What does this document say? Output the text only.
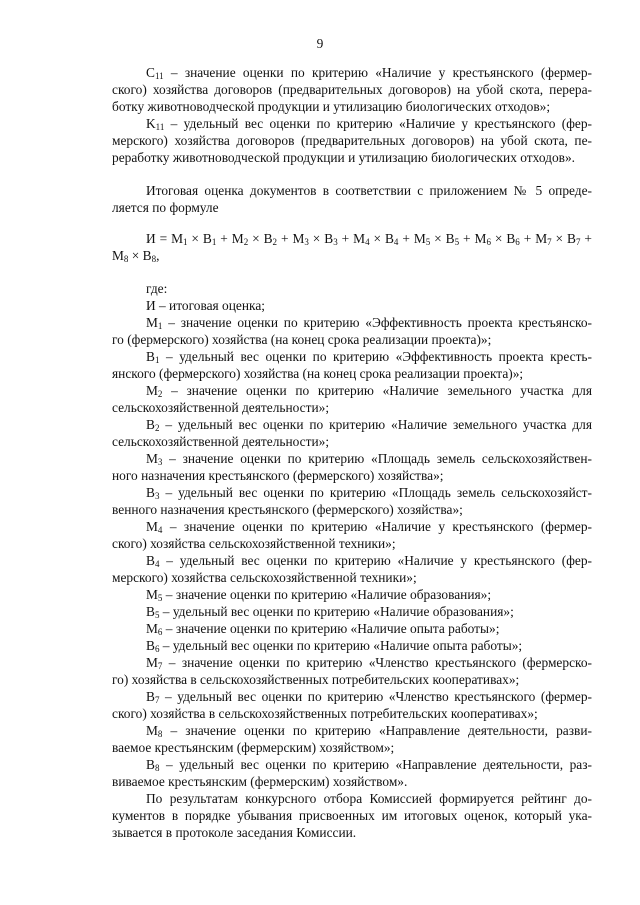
9
$C_{11}$ – значение оценки по критерию «Наличие у крестьянского (фермер-
ского) хозяйства договоров (предварительных договоров) на убой скота, перера-
ботку животноводческой продукции и утилизацию биологических отходов»;
$K_{11}$ – удельный вес оценки по критерию «Наличие у крестьянского (фер-
мерского) хозяйства договоров (предварительных договоров) на убой скота, пе-
реработку животноводческой продукции и утилизацию биологических отходов».
Итоговая оценка документов в соответствии с приложением № 5 опреде-
ляется по формуле
$И = М_1 \times В_1 + М_2 \times В_2 + М_3 \times В_3 + М_4 \times В_4 + М_5 \times В_5 + М_6 \times В_6 + М_7 \times В_7$ +
$М_8 \times В_8$,
где:
И – итоговая оценка;
$М_1$ – значение оценки по критерию «Эффективность проекта крестьянско-
го (фермерского) хозяйства (на конец срока реализации проекта)»;
$В_1$ – удельный вес оценки по критерию «Эффективность проекта кресть-
янского (фермерского) хозяйства (на конец срока реализации проекта)»;
$М_2$ – значение оценки по критерию «Наличие земельного участка для
сельскохозяйственной деятельности»;
$В_2$ – удельный вес оценки по критерию «Наличие земельного участка для
сельскохозяйственной деятельности»;
$М_3$ – значение оценки по критерию «Площадь земель сельскохозяйствен-
ного назначения крестьянского (фермерского) хозяйства»;
$В_3$ – удельный вес оценки по критерию «Площадь земель сельскохозяйст-
венного назначения крестьянского (фермерского) хозяйства»;
$М_4$ – значение оценки по критерию «Наличие у крестьянского (фермер-
ского) хозяйства сельскохозяйственной техники»;
$В_4$ – удельный вес оценки по критерию «Наличие у крестьянского (фер-
мерского) хозяйства сельскохозяйственной техники»;
$М_5$ – значение оценки по критерию «Наличие образования»;
$В_5$ – удельный вес оценки по критерию «Наличие образования»;
$М_6$ – значение оценки по критерию «Наличие опыта работы»;
$В_6$ – удельный вес оценки по критерию «Наличие опыта работы»;
$М_7$ – значение оценки по критерию «Членство крестьянского (фермерско-
го) хозяйства в сельскохозяйственных потребительских кооперативах»;
$В_7$ – удельный вес оценки по критерию «Членство крестьянского (фермер-
ского) хозяйства в сельскохозяйственных потребительских кооперативах»;
$М_8$ – значение оценки по критерию «Направление деятельности, разви-
ваемое крестьянским (фермерским) хозяйством»;
$В_8$ – удельный вес оценки по критерию «Направление деятельности, раз-
виваемое крестьянским (фермерским) хозяйством».
По результатам конкурсного отбора Комиссией формируется рейтинг до-
кументов в порядке убывания присвоенных им итоговых оценок, который ука-
зывается в протоколе заседания Комиссии.
